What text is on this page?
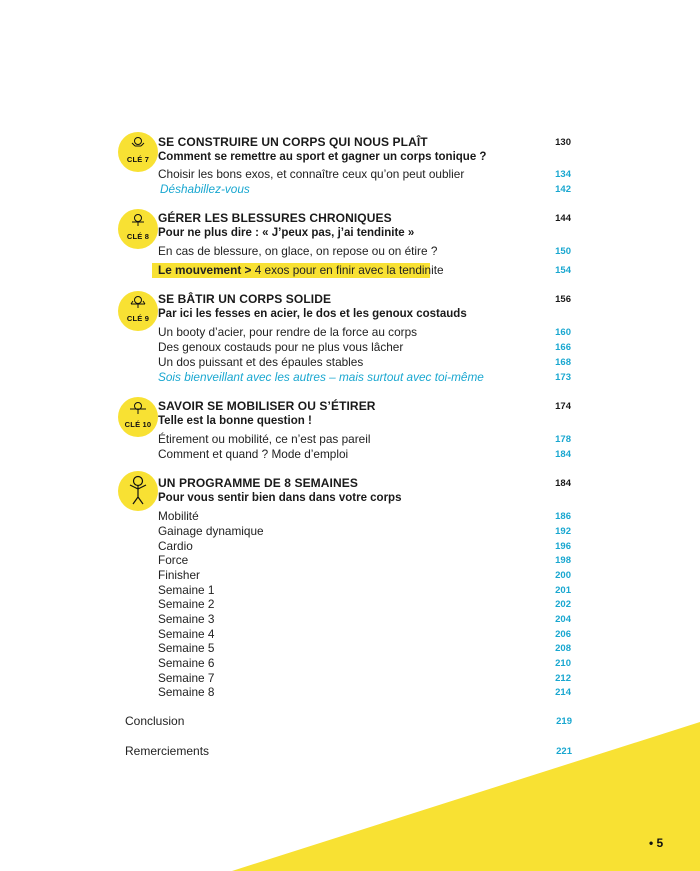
CLÉ 7
SE CONSTRUIRE UN CORPS QUI NOUS PLAÎT	130
Comment se remettre au sport et gagner un corps tonique ?
Choisir les bons exos, et connaître ceux qu’on peut oublier	134
Déshabillez-vous	142
CLÉ 8
GÉRER LES BLESSURES CHRONIQUES	144
Pour ne plus dire : « J’peux pas, j’ai tendinite »
En cas de blessure, on glace, on repose ou on étire ?	150
Le mouvement > 4 exos pour en finir avec la tendinite	154
CLÉ 9
SE BÂTIR UN CORPS SOLIDE	156
Par ici les fesses en acier, le dos et les genoux costauds
Un booty d’acier, pour rendre de la force au corps	160
Des genoux costauds pour ne plus vous lâcher	166
Un dos puissant et des épaules stables	168
Sois bienveillant avec les autres – mais surtout avec toi-même	173
CLÉ 10
SAVOIR SE MOBILISER OU S’ÉTIRER	174
Telle est la bonne question !
Étirement ou mobilité, ce n’est pas pareil	178
Comment et quand ? Mode d’emploi	184
UN PROGRAMME DE 8 SEMAINES	184
Pour vous sentir bien dans dans votre corps
Mobilité	186
Gainage dynamique	192
Cardio	196
Force	198
Finisher	200
Semaine 1	201
Semaine 2	202
Semaine 3	204
Semaine 4	206
Semaine 5	208
Semaine 6	210
Semaine 7	212
Semaine 8	214
Conclusion	219
Remerciements	221
• 5
